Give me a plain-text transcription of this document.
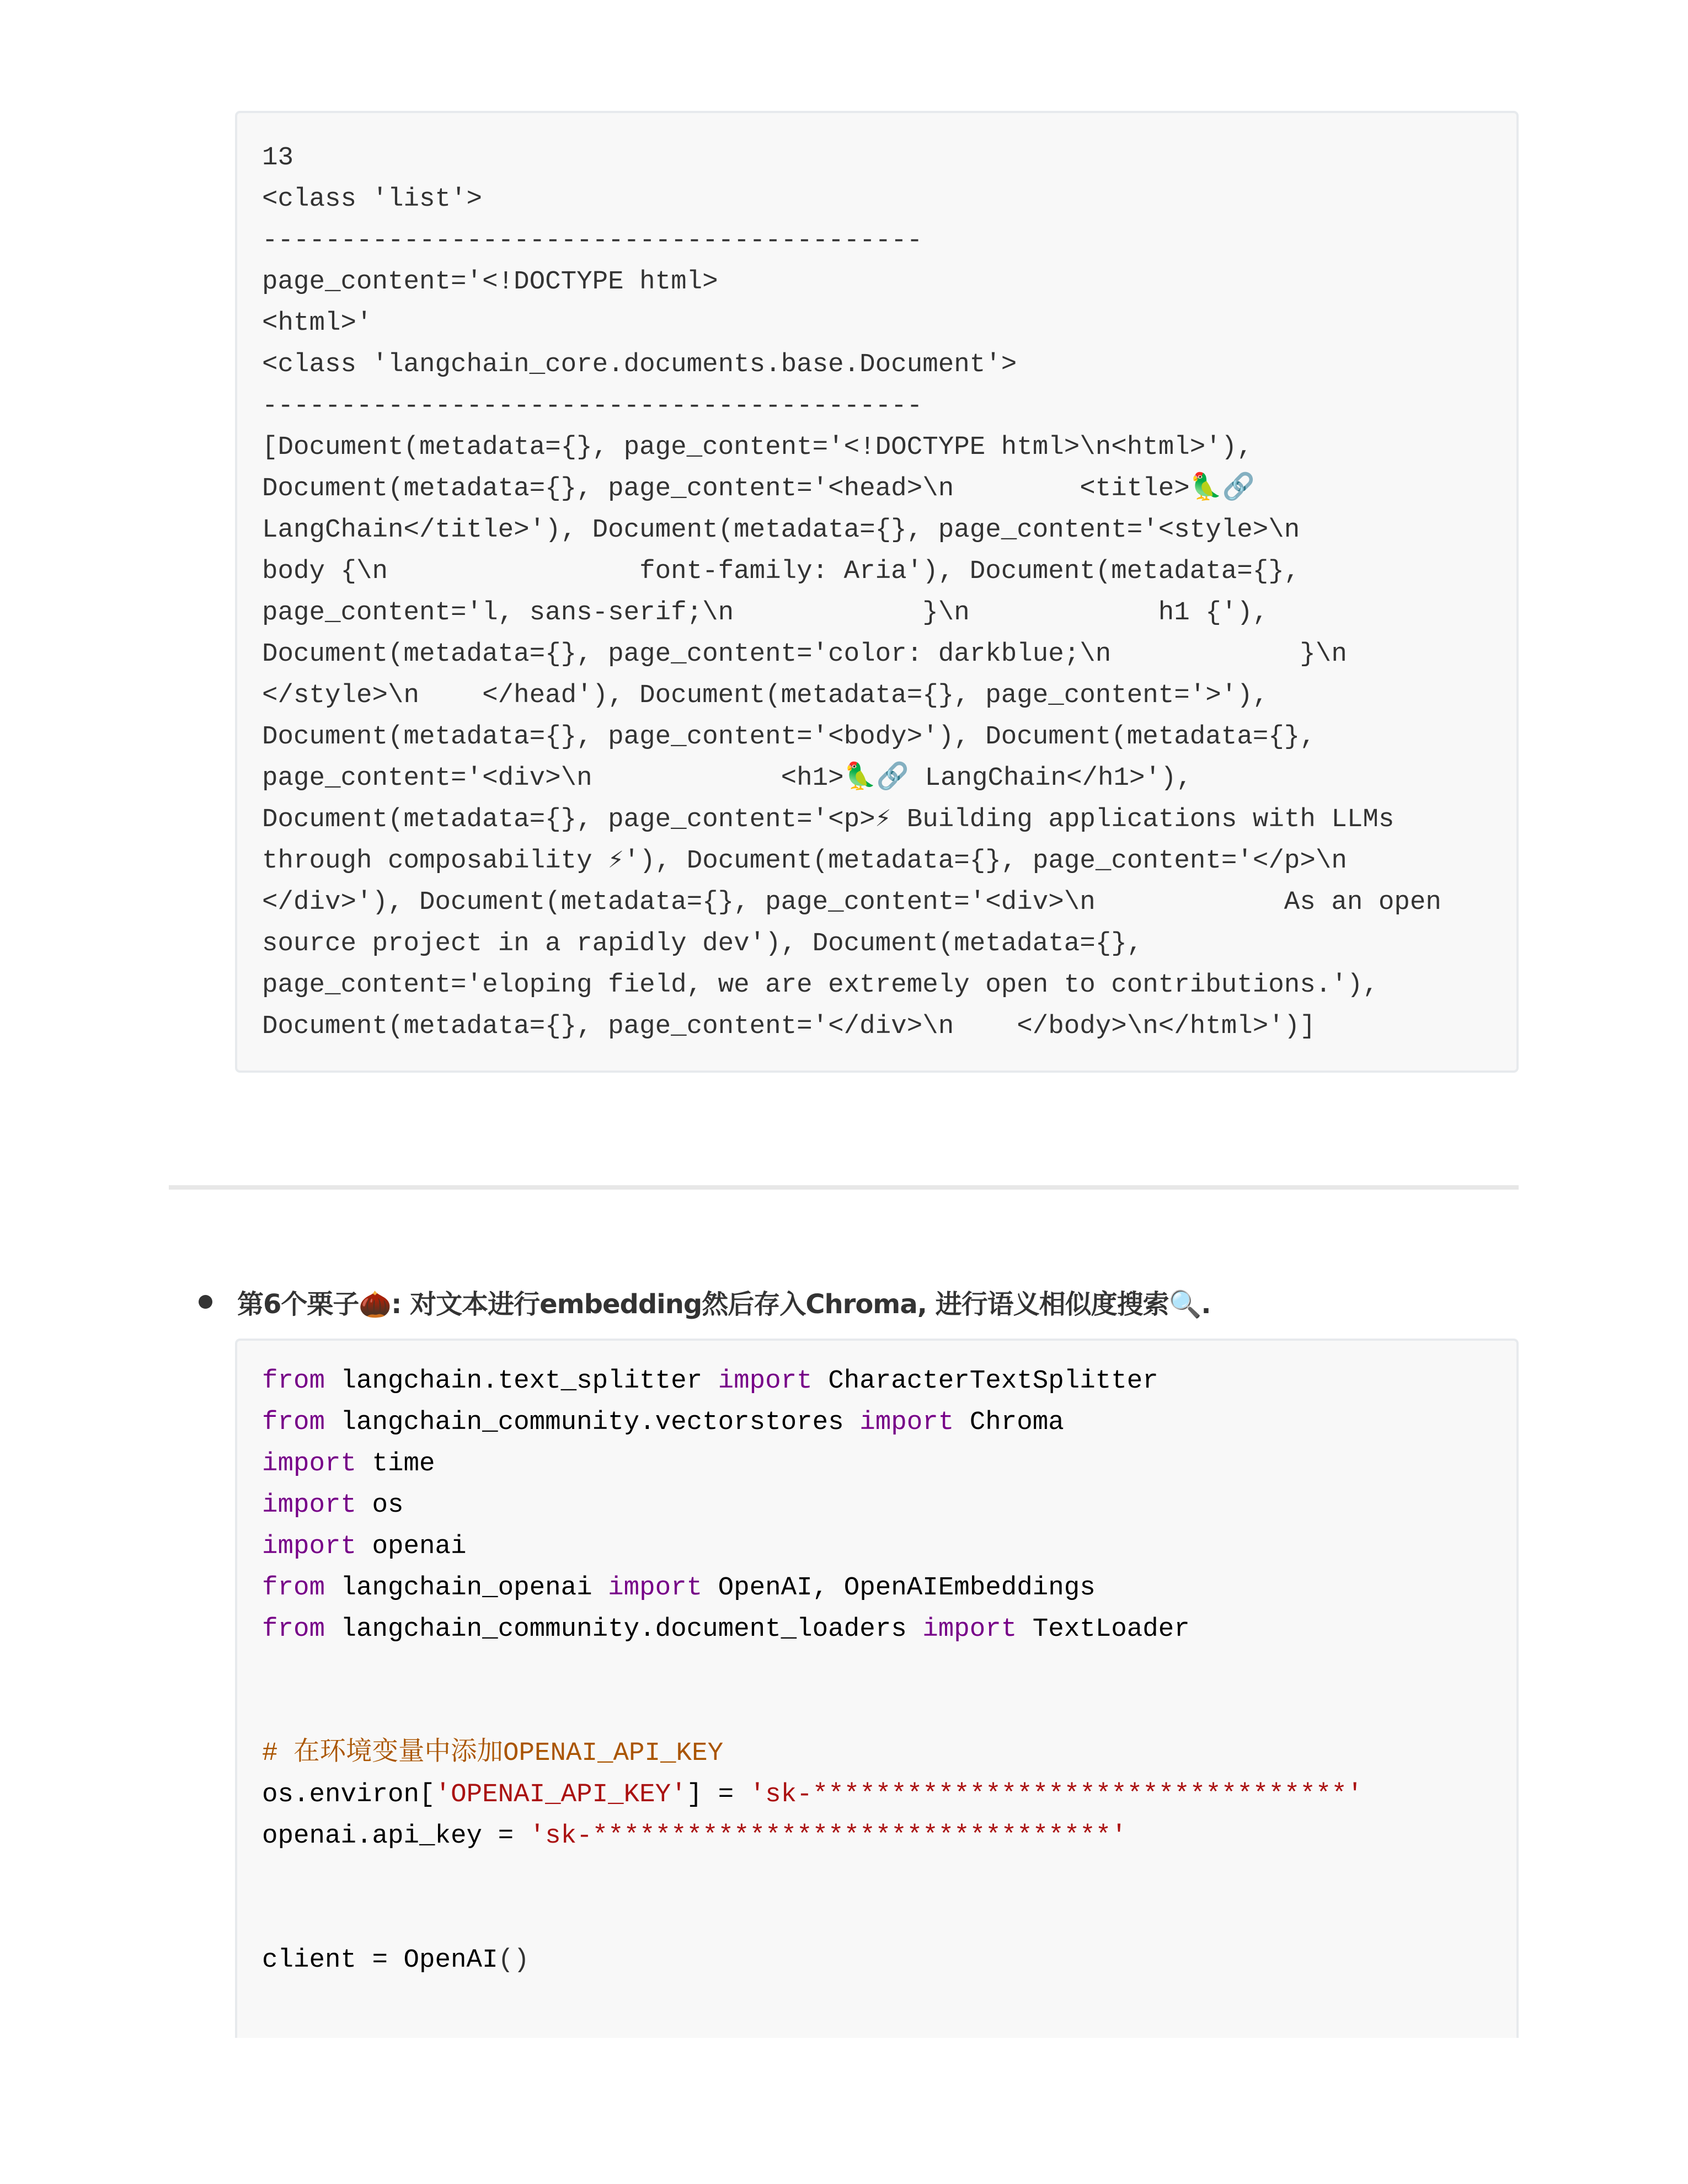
13
<class 'list'>
------------------------------------------
page_content='<!DOCTYPE html>
<html>'
<class 'langchain_core.documents.base.Document'>
------------------------------------------
[Document(metadata={}, page_content='<!DOCTYPE html>\n<html>'),
Document(metadata={}, page_content='<head>\n        <title>🦜🔗
LangChain</title>'), Document(metadata={}, page_content='<style>\n
body {\n                font-family: Aria'), Document(metadata={},
page_content='l, sans-serif;\n            }\n            h1 {'),
Document(metadata={}, page_content='color: darkblue;\n            }\n
</style>\n    </head'), Document(metadata={}, page_content='>'),
Document(metadata={}, page_content='<body>'), Document(metadata={},
page_content='<div>\n            <h1>🦜🔗 LangChain</h1>'),
Document(metadata={}, page_content='<p>⚡ Building applications with LLMs
through composability ⚡'), Document(metadata={}, page_content='</p>\n
</div>'), Document(metadata={}, page_content='<div>\n            As an open
source project in a rapidly dev'), Document(metadata={},
page_content='eloping field, we are extremely open to contributions.'),
Document(metadata={}, page_content='</div>\n    </body>\n</html>')]

第6个栗子🌰: 对文本进行embedding然后存入Chroma, 进行语义相似度搜索🔍.
from langchain.text_splitter import CharacterTextSplitter
from langchain_community.vectorstores import Chroma
import time
import os
import openai
from langchain_openai import OpenAI, OpenAIEmbeddings
from langchain_community.document_loaders import TextLoader

# 在环境变量中添加OPENAI_API_KEY
os.environ['OPENAI_API_KEY'] = 'sk-**********************************'
openai.api_key = 'sk-*********************************'

client = OpenAI()
